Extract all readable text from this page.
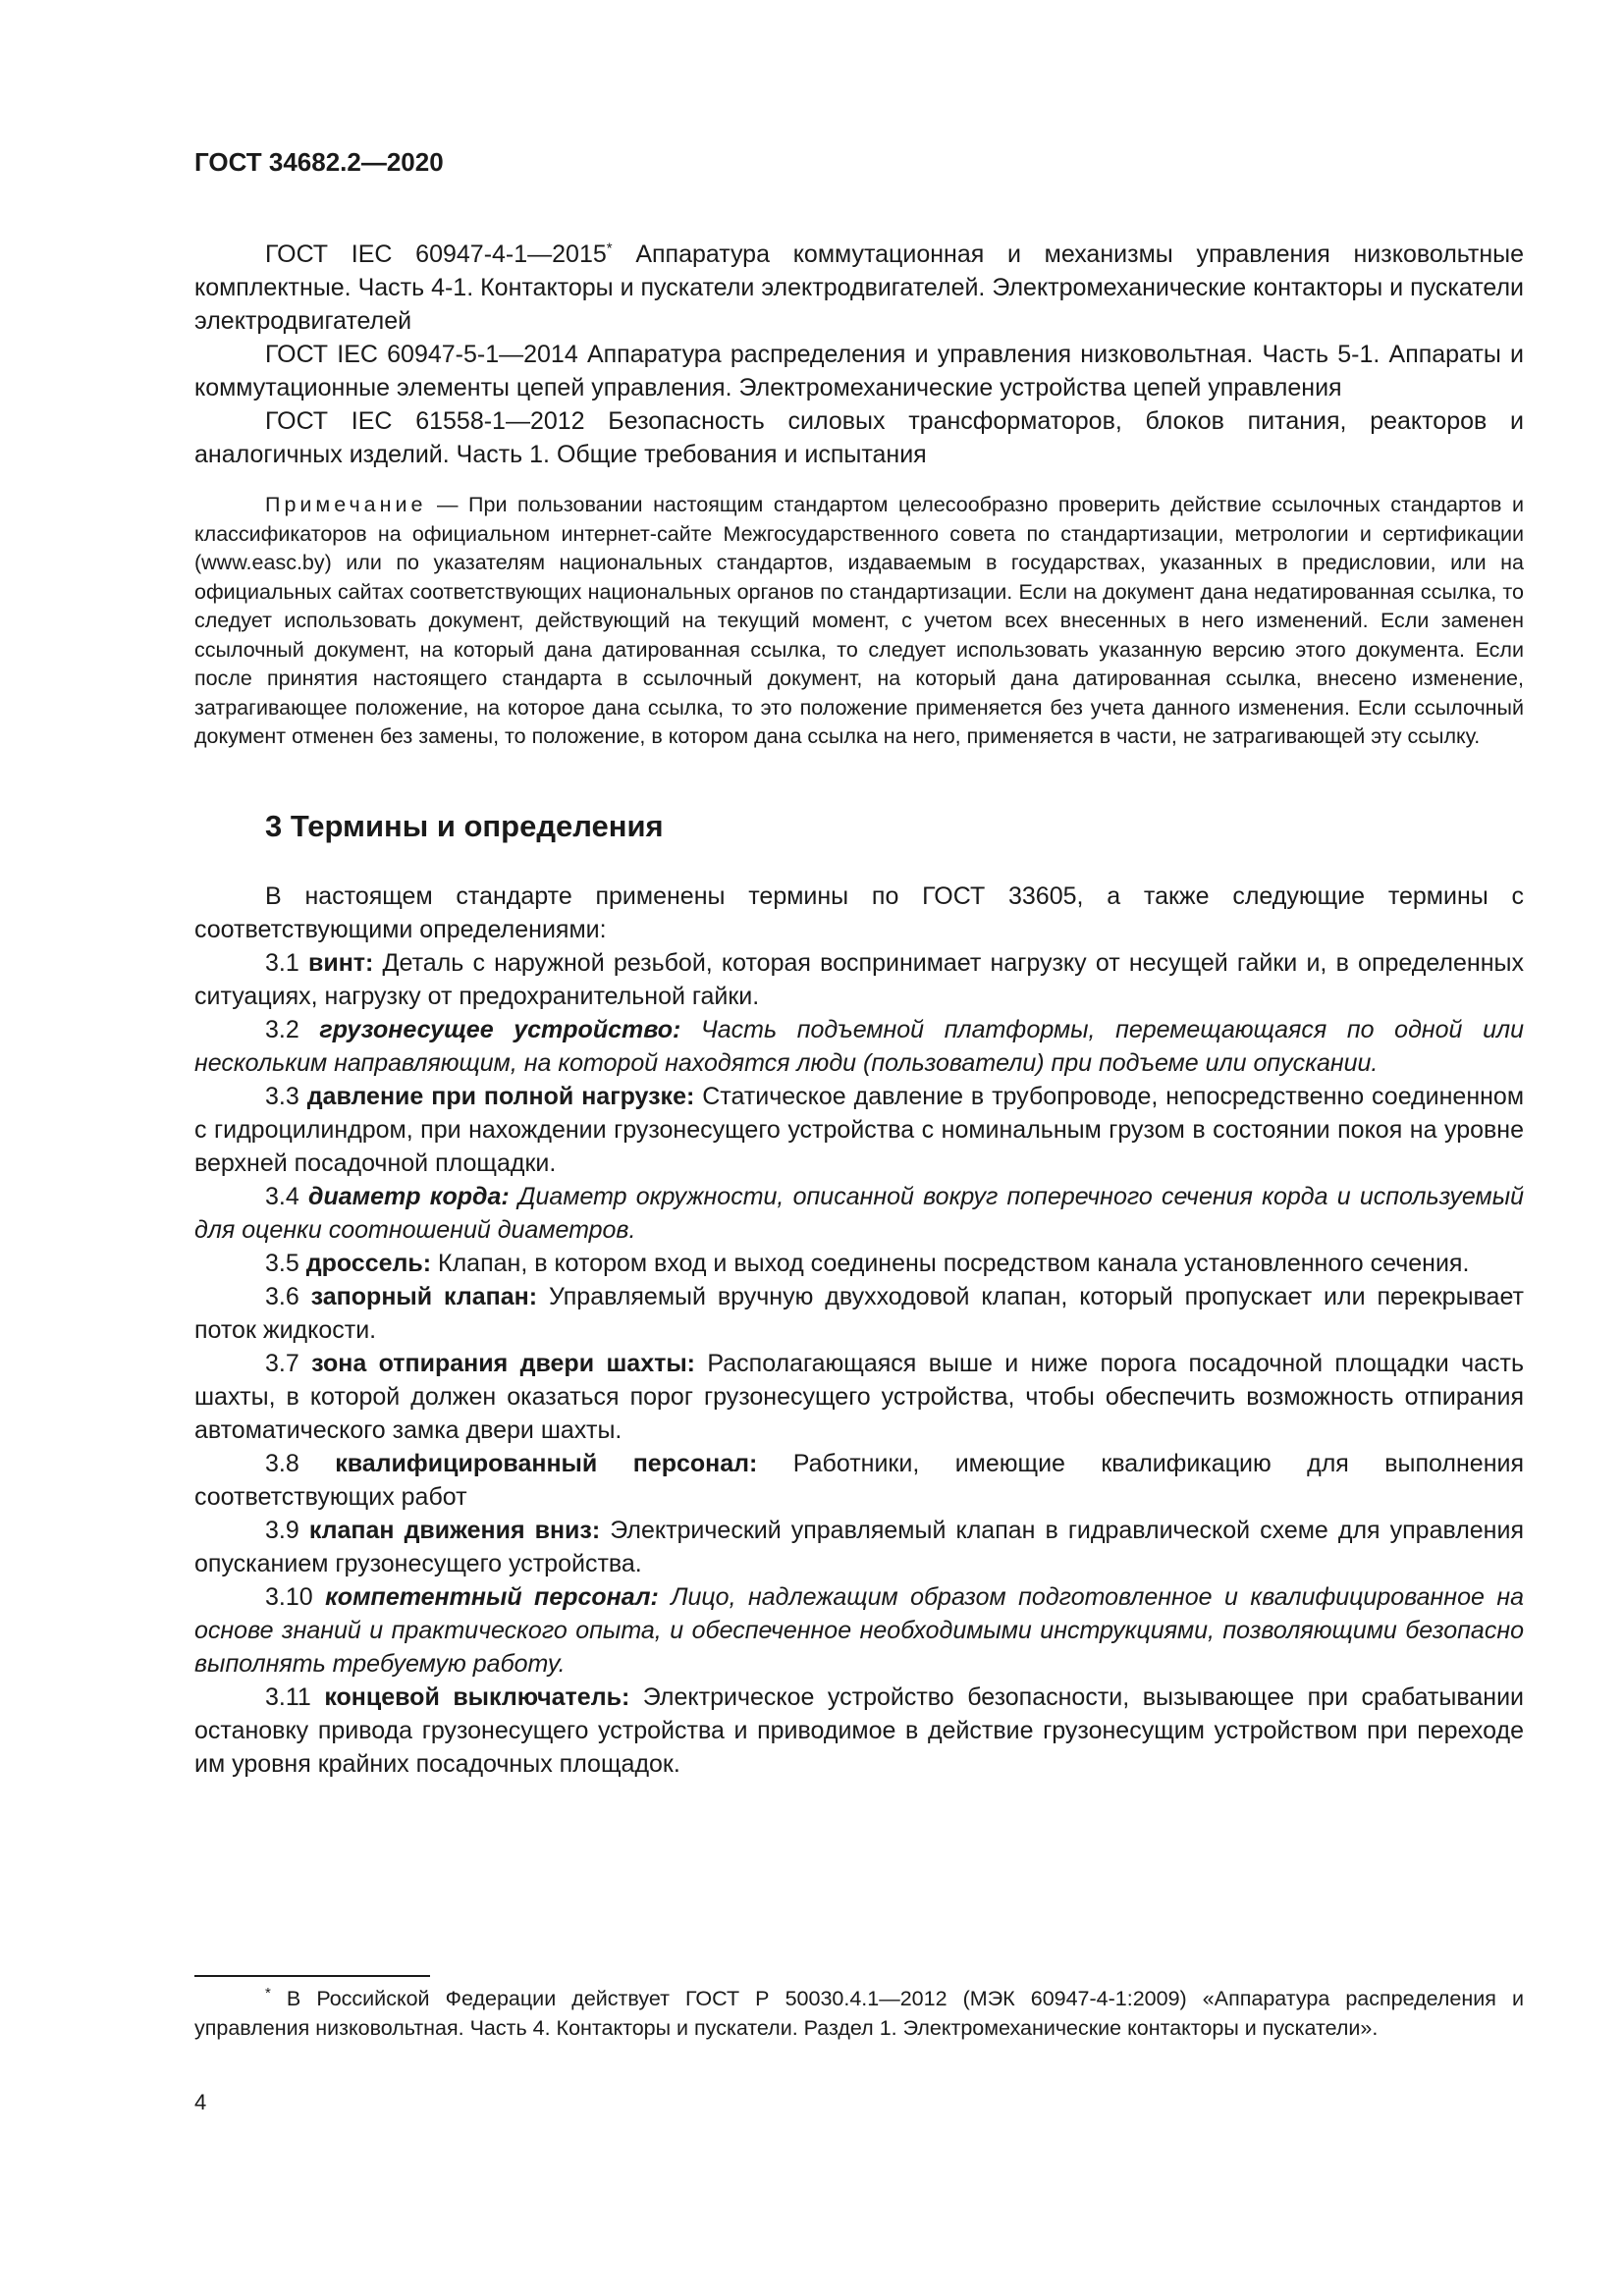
ГОСТ 34682.2—2020

ГОСТ IEC 60947-4-1—2015* Аппаратура коммутационная и механизмы управления низковольтные комплектные. Часть 4-1. Контакторы и пускатели электродвигателей. Электромеханические контакторы и пускатели электродвигателей

ГОСТ IEC 60947-5-1—2014 Аппаратура распределения и управления низковольтная. Часть 5-1. Аппараты и коммутационные элементы цепей управления. Электромеханические устройства цепей управления

ГОСТ IEC 61558-1—2012 Безопасность силовых трансформаторов, блоков питания, реакторов и аналогичных изделий. Часть 1. Общие требования и испытания

Примечание — При пользовании настоящим стандартом целесообразно проверить действие ссылочных стандартов и классификаторов на официальном интернет-сайте Межгосударственного совета по стандартизации, метрологии и сертификации (www.easc.by) или по указателям национальных стандартов, издаваемым в государствах, указанных в предисловии, или на официальных сайтах соответствующих национальных органов по стандартизации. Если на документ дана недатированная ссылка, то следует использовать документ, действующий на текущий момент, с учетом всех внесенных в него изменений. Если заменен ссылочный документ, на который дана датированная ссылка, то следует использовать указанную версию этого документа. Если после принятия настоящего стандарта в ссылочный документ, на который дана датированная ссылка, внесено изменение, затрагивающее положение, на которое дана ссылка, то это положение применяется без учета данного изменения. Если ссылочный документ отменен без замены, то положение, в котором дана ссылка на него, применяется в части, не затрагивающей эту ссылку.

3 Термины и определения

В настоящем стандарте применены термины по ГОСТ 33605, а также следующие термины с соответствующими определениями:

3.1 винт: Деталь с наружной резьбой, которая воспринимает нагрузку от несущей гайки и, в определенных ситуациях, нагрузку от предохранительной гайки.

3.2 грузонесущее устройство: Часть подъемной платформы, перемещающаяся по одной или нескольким направляющим, на которой находятся люди (пользователи) при подъеме или опускании.

3.3 давление при полной нагрузке: Статическое давление в трубопроводе, непосредственно соединенном с гидроцилиндром, при нахождении грузонесущего устройства с номинальным грузом в состоянии покоя на уровне верхней посадочной площадки.

3.4 диаметр корда: Диаметр окружности, описанной вокруг поперечного сечения корда и используемый для оценки соотношений диаметров.

3.5 дроссель: Клапан, в котором вход и выход соединены посредством канала установленного сечения.

3.6 запорный клапан: Управляемый вручную двухходовой клапан, который пропускает или перекрывает поток жидкости.

3.7 зона отпирания двери шахты: Располагающаяся выше и ниже порога посадочной площадки часть шахты, в которой должен оказаться порог грузонесущего устройства, чтобы обеспечить возможность отпирания автоматического замка двери шахты.

3.8 квалифицированный персонал: Работники, имеющие квалификацию для выполнения соответствующих работ

3.9 клапан движения вниз: Электрический управляемый клапан в гидравлической схеме для управления опусканием грузонесущего устройства.

3.10 компетентный персонал: Лицо, надлежащим образом подготовленное и квалифицированное на основе знаний и практического опыта, и обеспеченное необходимыми инструкциями, позволяющими безопасно выполнять требуемую работу.

3.11 концевой выключатель: Электрическое устройство безопасности, вызывающее при срабатывании остановку привода грузонесущего устройства и приводимое в действие грузонесущим устройством при переходе им уровня крайних посадочных площадок.

* В Российской Федерации действует ГОСТ Р 50030.4.1—2012 (МЭК 60947-4-1:2009) «Аппаратура распределения и управления низковольтная. Часть 4. Контакторы и пускатели. Раздел 1. Электромеханические контакторы и пускатели».

4
